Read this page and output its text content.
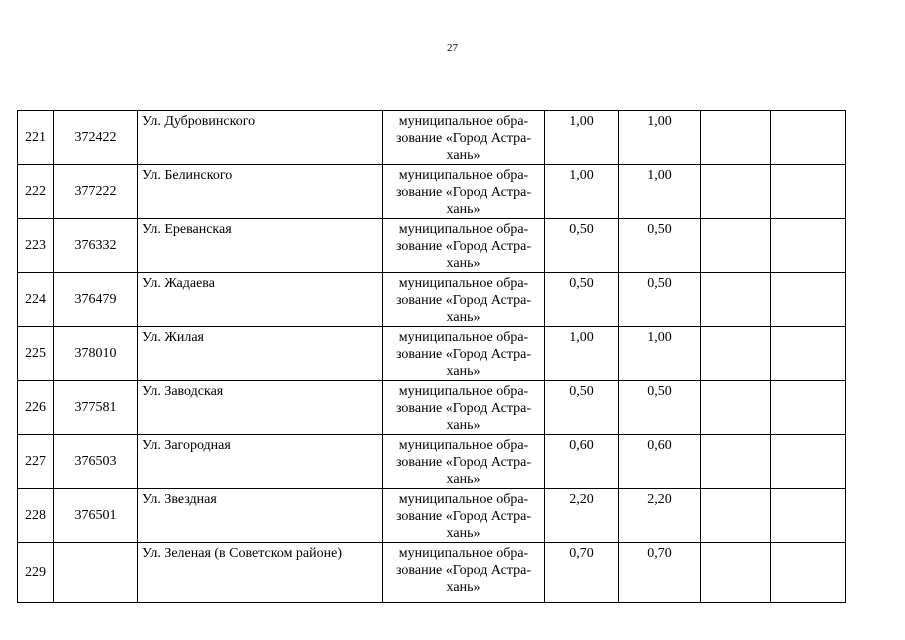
27
221	372422	Ул. Дубровинского	муниципальное обра-
зование «Город Астра-
хань»	1,00	1,00		
222	377222	Ул. Белинского	муниципальное обра-
зование «Город Астра-
хань»	1,00	1,00		
223	376332	Ул. Ереванская	муниципальное обра-
зование «Город Астра-
хань»	0,50	0,50		
224	376479	Ул. Жадаева	муниципальное обра-
зование «Город Астра-
хань»	0,50	0,50		
225	378010	Ул. Жилая	муниципальное обра-
зование «Город Астра-
хань»	1,00	1,00		
226	377581	Ул. Заводская	муниципальное обра-
зование «Город Астра-
хань»	0,50	0,50		
227	376503	Ул. Загородная	муниципальное обра-
зование «Город Астра-
хань»	0,60	0,60		
228	376501	Ул. Звездная	муниципальное обра-
зование «Город Астра-
хань»	2,20	2,20		
229		Ул. Зеленая (в Советском районе)	муниципальное обра-
зование «Город Астра-
хань»	0,70	0,70		
